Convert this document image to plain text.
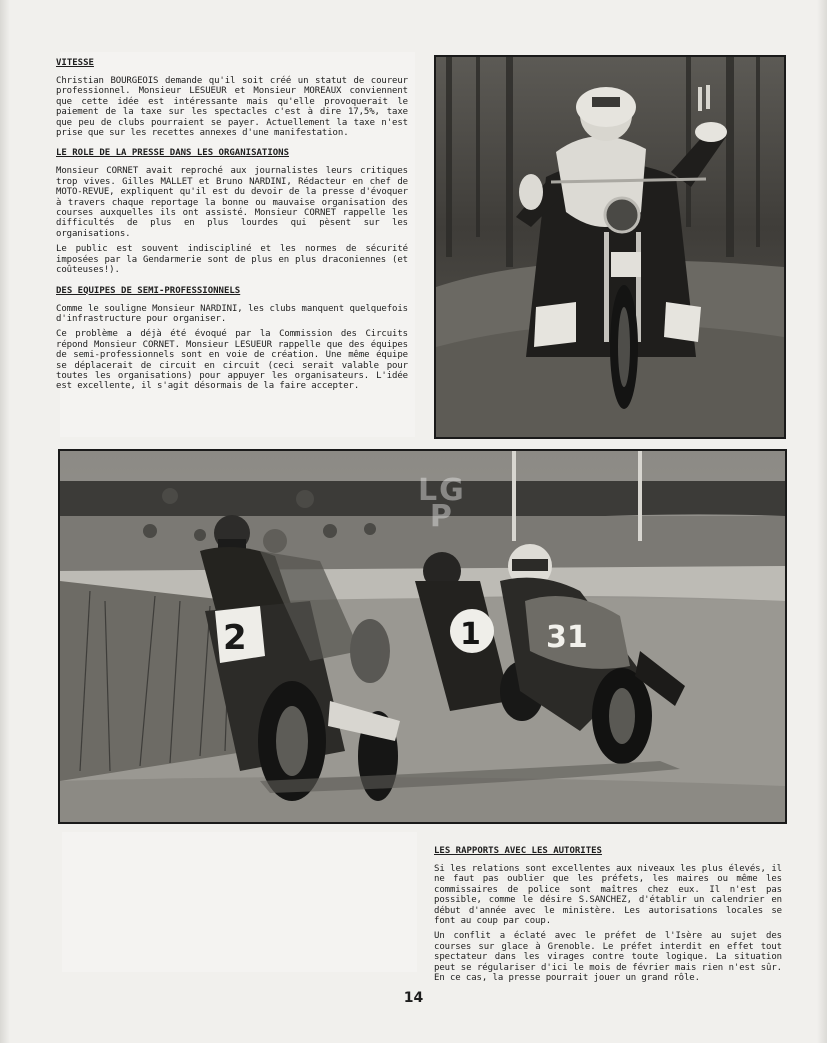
VITESSE

Christian BOURGEOIS demande qu'il soit créé un statut de coureur professionnel. Monsieur LESUEUR et Monsieur MOREAUX conviennent que cette idée est intéressante mais qu'elle provoquerait le paiement de la taxe sur les spectacles c'est à dire 17,5%, taxe que peu de clubs pourraient se payer. Actuellement la taxe n'est prise que sur les recettes annexes d'une manifestation.

LE ROLE DE LA PRESSE DANS LES ORGANISATIONS

Monsieur CORNET avait reproché aux journalistes leurs critiques trop vives. Gilles MALLET et Bruno NARDINI, Rédacteur en chef de MOTO-REVUE, expliquent qu'il est du devoir de la presse d'évoquer à travers chaque reportage la bonne ou mauvaise organisation des courses auxquelles ils ont assisté. Monsieur CORNET rappelle les difficultés de plus en plus lourdes qui pèsent sur les organisations.

Le public est souvent indiscipliné et les normes de sécurité imposées par la Gendarmerie sont de plus en plus draconiennes (et coûteuses!).

DES EQUIPES DE SEMI-PROFESSIONNELS

Comme le souligne Monsieur NARDINI, les clubs manquent quelquefois d'infrastructure pour organiser.

Ce problème a déjà été évoqué par la Commission des Circuits répond Monsieur CORNET. Monsieur LESUEUR rappelle que des équipes de semi-professionnels sont en voie de création. Une même équipe se déplacerait de circuit en circuit (ceci serait valable pour toutes les organisations) pour appuyer les organisateurs. L'idée est excellente, il s'agit désormais de la faire accepter.

2	1 31
LG
P
LES RAPPORTS AVEC LES AUTORITES

Si les relations sont excellentes aux niveaux les plus élevés, il ne faut pas oublier que les préfets, les maires ou même les commissaires de police sont maîtres chez eux. Il n'est pas possible, comme le désire S.SANCHEZ, d'établir un calendrier en début d'année avec le ministère. Les autorisations locales se font au coup par coup.

Un conflit a éclaté avec le préfet de l'Isère au sujet des courses sur glace à Grenoble. Le préfet interdit en effet tout spectateur dans les virages contre toute logique. La situation peut se régulariser d'ici le mois de février mais rien n'est sûr. En ce cas, la presse pourrait jouer un grand rôle.

14
